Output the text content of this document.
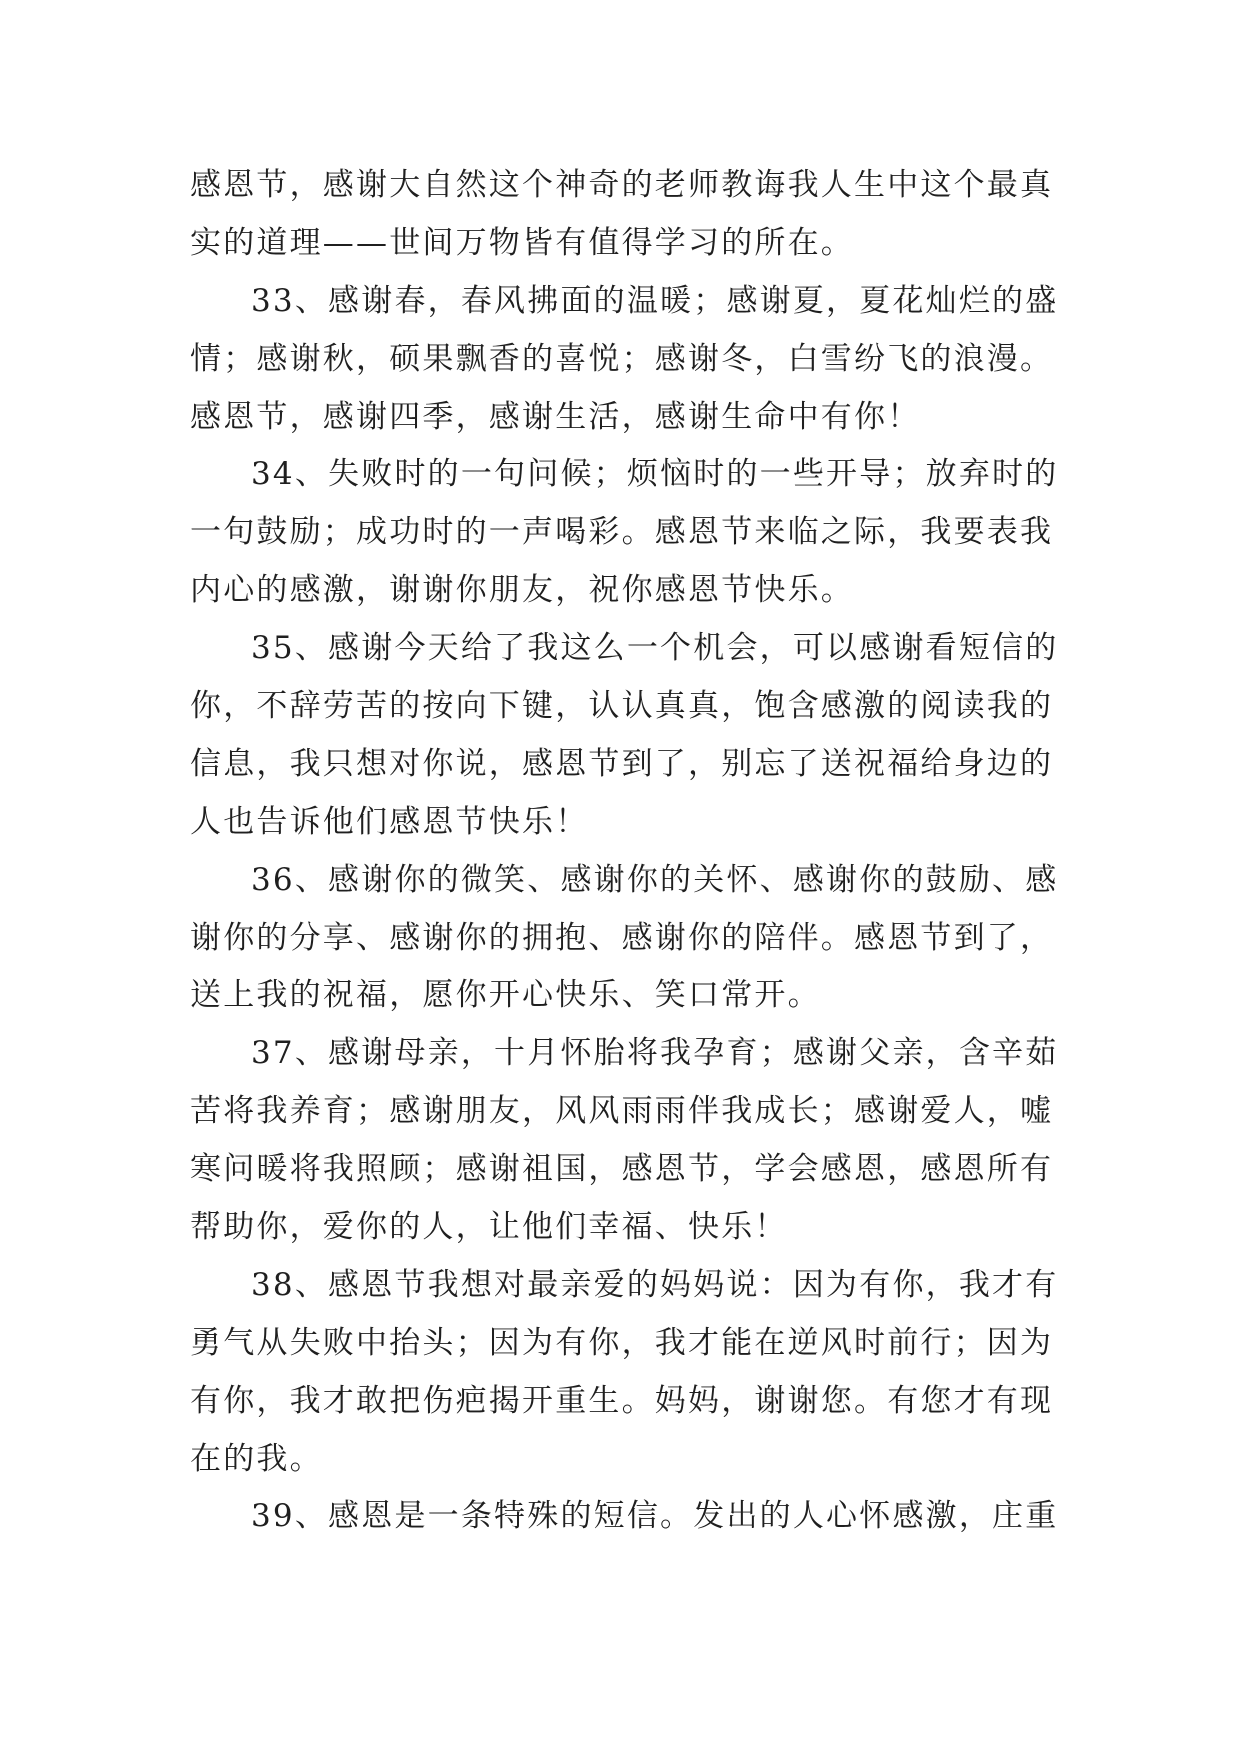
感恩节，感谢大自然这个神奇的老师教诲我人生中这个最真
实的道理——世间万物皆有值得学习的所在。
33、感谢春，春风拂面的温暖；感谢夏，夏花灿烂的盛
情；感谢秋，硕果飘香的喜悦；感谢冬，白雪纷飞的浪漫。
感恩节，感谢四季，感谢生活，感谢生命中有你！
34、失败时的一句问候；烦恼时的一些开导；放弃时的
一句鼓励；成功时的一声喝彩。感恩节来临之际，我要表我
内心的感激，谢谢你朋友，祝你感恩节快乐。
35、感谢今天给了我这么一个机会，可以感谢看短信的
你，不辞劳苦的按向下键，认认真真，饱含感激的阅读我的
信息，我只想对你说，感恩节到了，别忘了送祝福给身边的
人也告诉他们感恩节快乐！
36、感谢你的微笑、感谢你的关怀、感谢你的鼓励、感
谢你的分享、感谢你的拥抱、感谢你的陪伴。感恩节到了，
送上我的祝福，愿你开心快乐、笑口常开。
37、感谢母亲，十月怀胎将我孕育；感谢父亲，含辛茹
苦将我养育；感谢朋友，风风雨雨伴我成长；感谢爱人，嘘
寒问暖将我照顾；感谢祖国，感恩节，学会感恩，感恩所有
帮助你，爱你的人，让他们幸福、快乐！
38、感恩节我想对最亲爱的妈妈说：因为有你，我才有
勇气从失败中抬头；因为有你，我才能在逆风时前行；因为
有你，我才敢把伤疤揭开重生。妈妈，谢谢您。有您才有现
在的我。
39、感恩是一条特殊的短信。发出的人心怀感激，庄重
